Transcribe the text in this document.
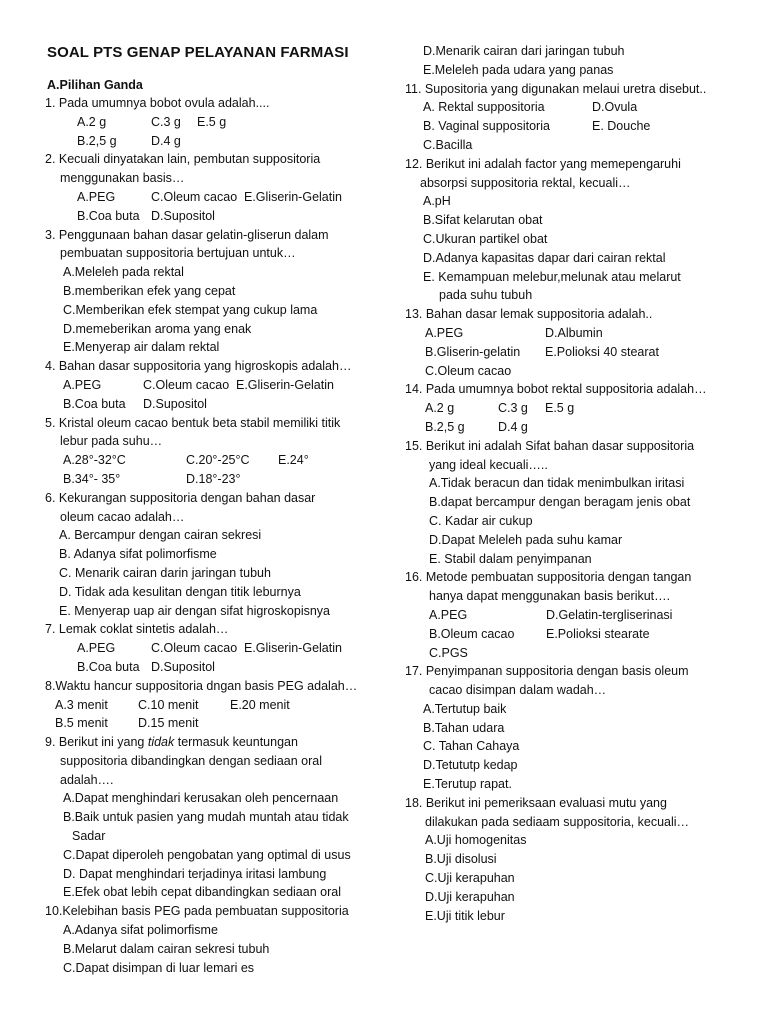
SOAL PTS GENAP PELAYANAN FARMASI
A.Pilihan Ganda
1. Pada umumnya bobot ovula adalah....
A.2 g	C.3 g E.5 g
B.2,5 g	D.4 g
2. Kecuali dinyatakan lain, pembutan suppositoria
menggunakan basis…
A.PEG	C.Oleum cacao E.Gliserin-Gelatin
B.Coa buta D.Supositol
3. Penggunaan bahan dasar gelatin-gliserun dalam
pembuatan suppositoria bertujuan untuk…
A.Meleleh pada rektal
B.memberikan efek yang cepat
C.Memberikan efek stempat yang cukup lama
D.memeberikan aroma yang enak
E.Menyerap air dalam rektal
4. Bahan dasar suppositoria yang higroskopis adalah…
A.PEG	C.Oleum cacao E.Gliserin-Gelatin
B.Coa buta D.Supositol
5. Kristal oleum cacao bentuk beta stabil memiliki titik
lebur pada suhu…
A.28°-32°C	C.20°-25°C E.24°
B.34°- 35°	D.18°-23°
6. Kekurangan suppositoria dengan bahan dasar
oleum cacao adalah…
A. Bercampur dengan cairan sekresi
B. Adanya sifat polimorfisme
C. Menarik cairan darin jaringan tubuh
D. Tidak ada kesulitan dengan titik leburnya
E. Menyerap uap air dengan sifat higroskopisnya
7. Lemak coklat sintetis adalah…
A.PEG	C.Oleum cacao E.Gliserin-Gelatin
B.Coa buta D.Supositol
8.Waktu hancur suppositoria dngan basis PEG adalah…
A.3 menit C.10 menit	E.20 menit
B.5 menit D.15 menit
9. Berikut ini yang tidak termasuk keuntungan
suppositoria dibandingkan dengan sediaan oral
adalah….
A.Dapat menghindari kerusakan oleh pencernaan
B.Baik untuk pasien yang mudah muntah atau tidak
Sadar
C.Dapat diperoleh pengobatan yang optimal di usus
D. Dapat menghindari terjadinya iritasi lambung
E.Efek obat lebih cepat dibandingkan sediaan oral
10.Kelebihan basis PEG pada pembuatan suppositoria
A.Adanya sifat polimorfisme
B.Melarut dalam cairan sekresi tubuh
C.Dapat disimpan di luar lemari es
D.Menarik cairan dari jaringan tubuh
E.Meleleh pada udara yang panas
11. Supositoria yang digunakan melaui uretra disebut..
A. Rektal suppositoria	D.Ovula
B. Vaginal suppositoria	E. Douche
C.Bacilla
12. Berikut ini adalah factor yang memepengaruhi
absorpsi suppositoria rektal, kecuali…
A.pH
B.Sifat kelarutan obat
C.Ukuran partikel obat
D.Adanya kapasitas dapar dari cairan rektal
E. Kemampuan melebur,melunak atau melarut
pada suhu tubuh
13. Bahan dasar lemak suppositoria adalah..
A.PEG	D.Albumin
B.Gliserin-gelatin E.Polioksi 40 stearat
C.Oleum cacao
14. Pada umumnya bobot rektal suppositoria adalah…
A.2 g	C.3 g E.5 g
B.2,5 g	D.4 g
15. Berikut ini adalah Sifat bahan dasar suppositoria
yang ideal kecuali…..
A.Tidak beracun dan tidak menimbulkan iritasi
B.dapat bercampur dengan beragam jenis obat
C. Kadar air cukup
D.Dapat Meleleh pada suhu kamar
E. Stabil dalam penyimpanan
16. Metode pembuatan suppositoria dengan tangan
hanya dapat menggunakan basis berikut….
A.PEG	D.Gelatin-tergliserinasi
B.Oleum cacao	E.Polioksi stearate
C.PGS
17. Penyimpanan suppositoria dengan basis oleum
cacao disimpan dalam wadah…
A.Tertutup baik
B.Tahan udara
C. Tahan Cahaya
D.Tetututp kedap
E.Terutup rapat.
18. Berikut ini pemeriksaan evaluasi mutu yang
dilakukan pada sediaam suppositoria, kecuali…
A.Uji homogenitas
B.Uji disolusi
C.Uji kerapuhan
D.Uji kerapuhan
E.Uji titik lebur
